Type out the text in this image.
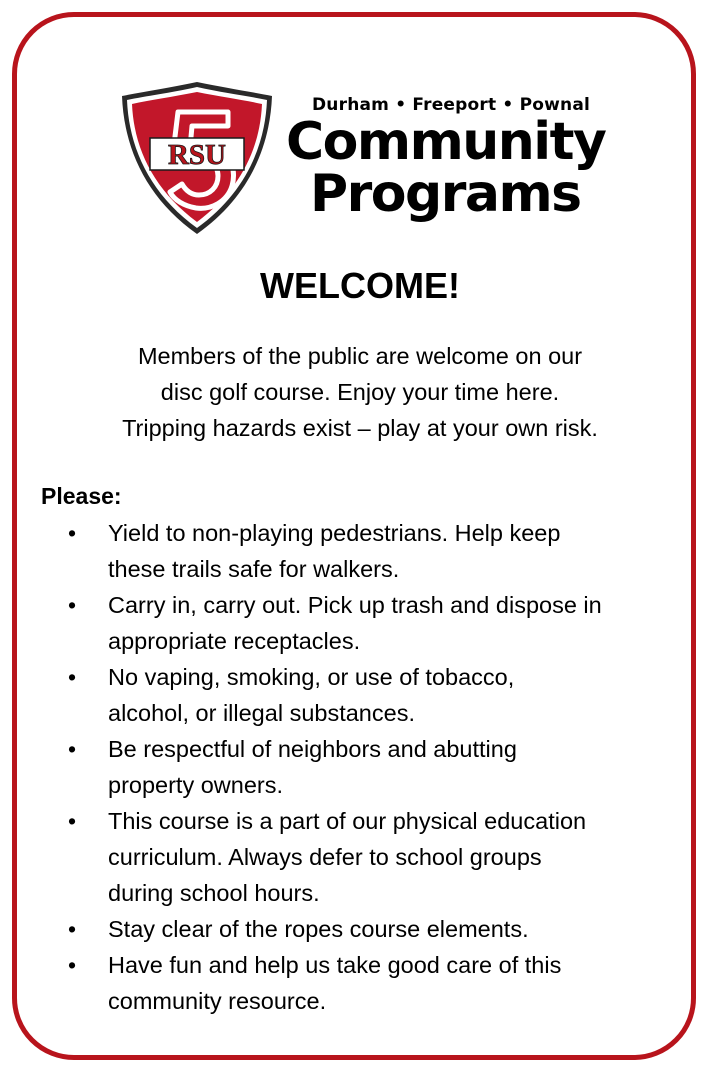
RSU
Durham • Freeport • Pownal
Community
Programs
WELCOME!
Members of the public are welcome on our
disc golf course. Enjoy your time here.
Tripping hazards exist – play at your own risk.
Please:
• Yield to non-playing pedestrians. Help keep
these trails safe for walkers.
• Carry in, carry out. Pick up trash and dispose in
appropriate receptacles.
• No vaping, smoking, or use of tobacco,
alcohol, or illegal substances.
• Be respectful of neighbors and abutting
property owners.
• This course is a part of our physical education
curriculum. Always defer to school groups
during school hours.
• Stay clear of the ropes course elements.
• Have fun and help us take good care of this
community resource.
